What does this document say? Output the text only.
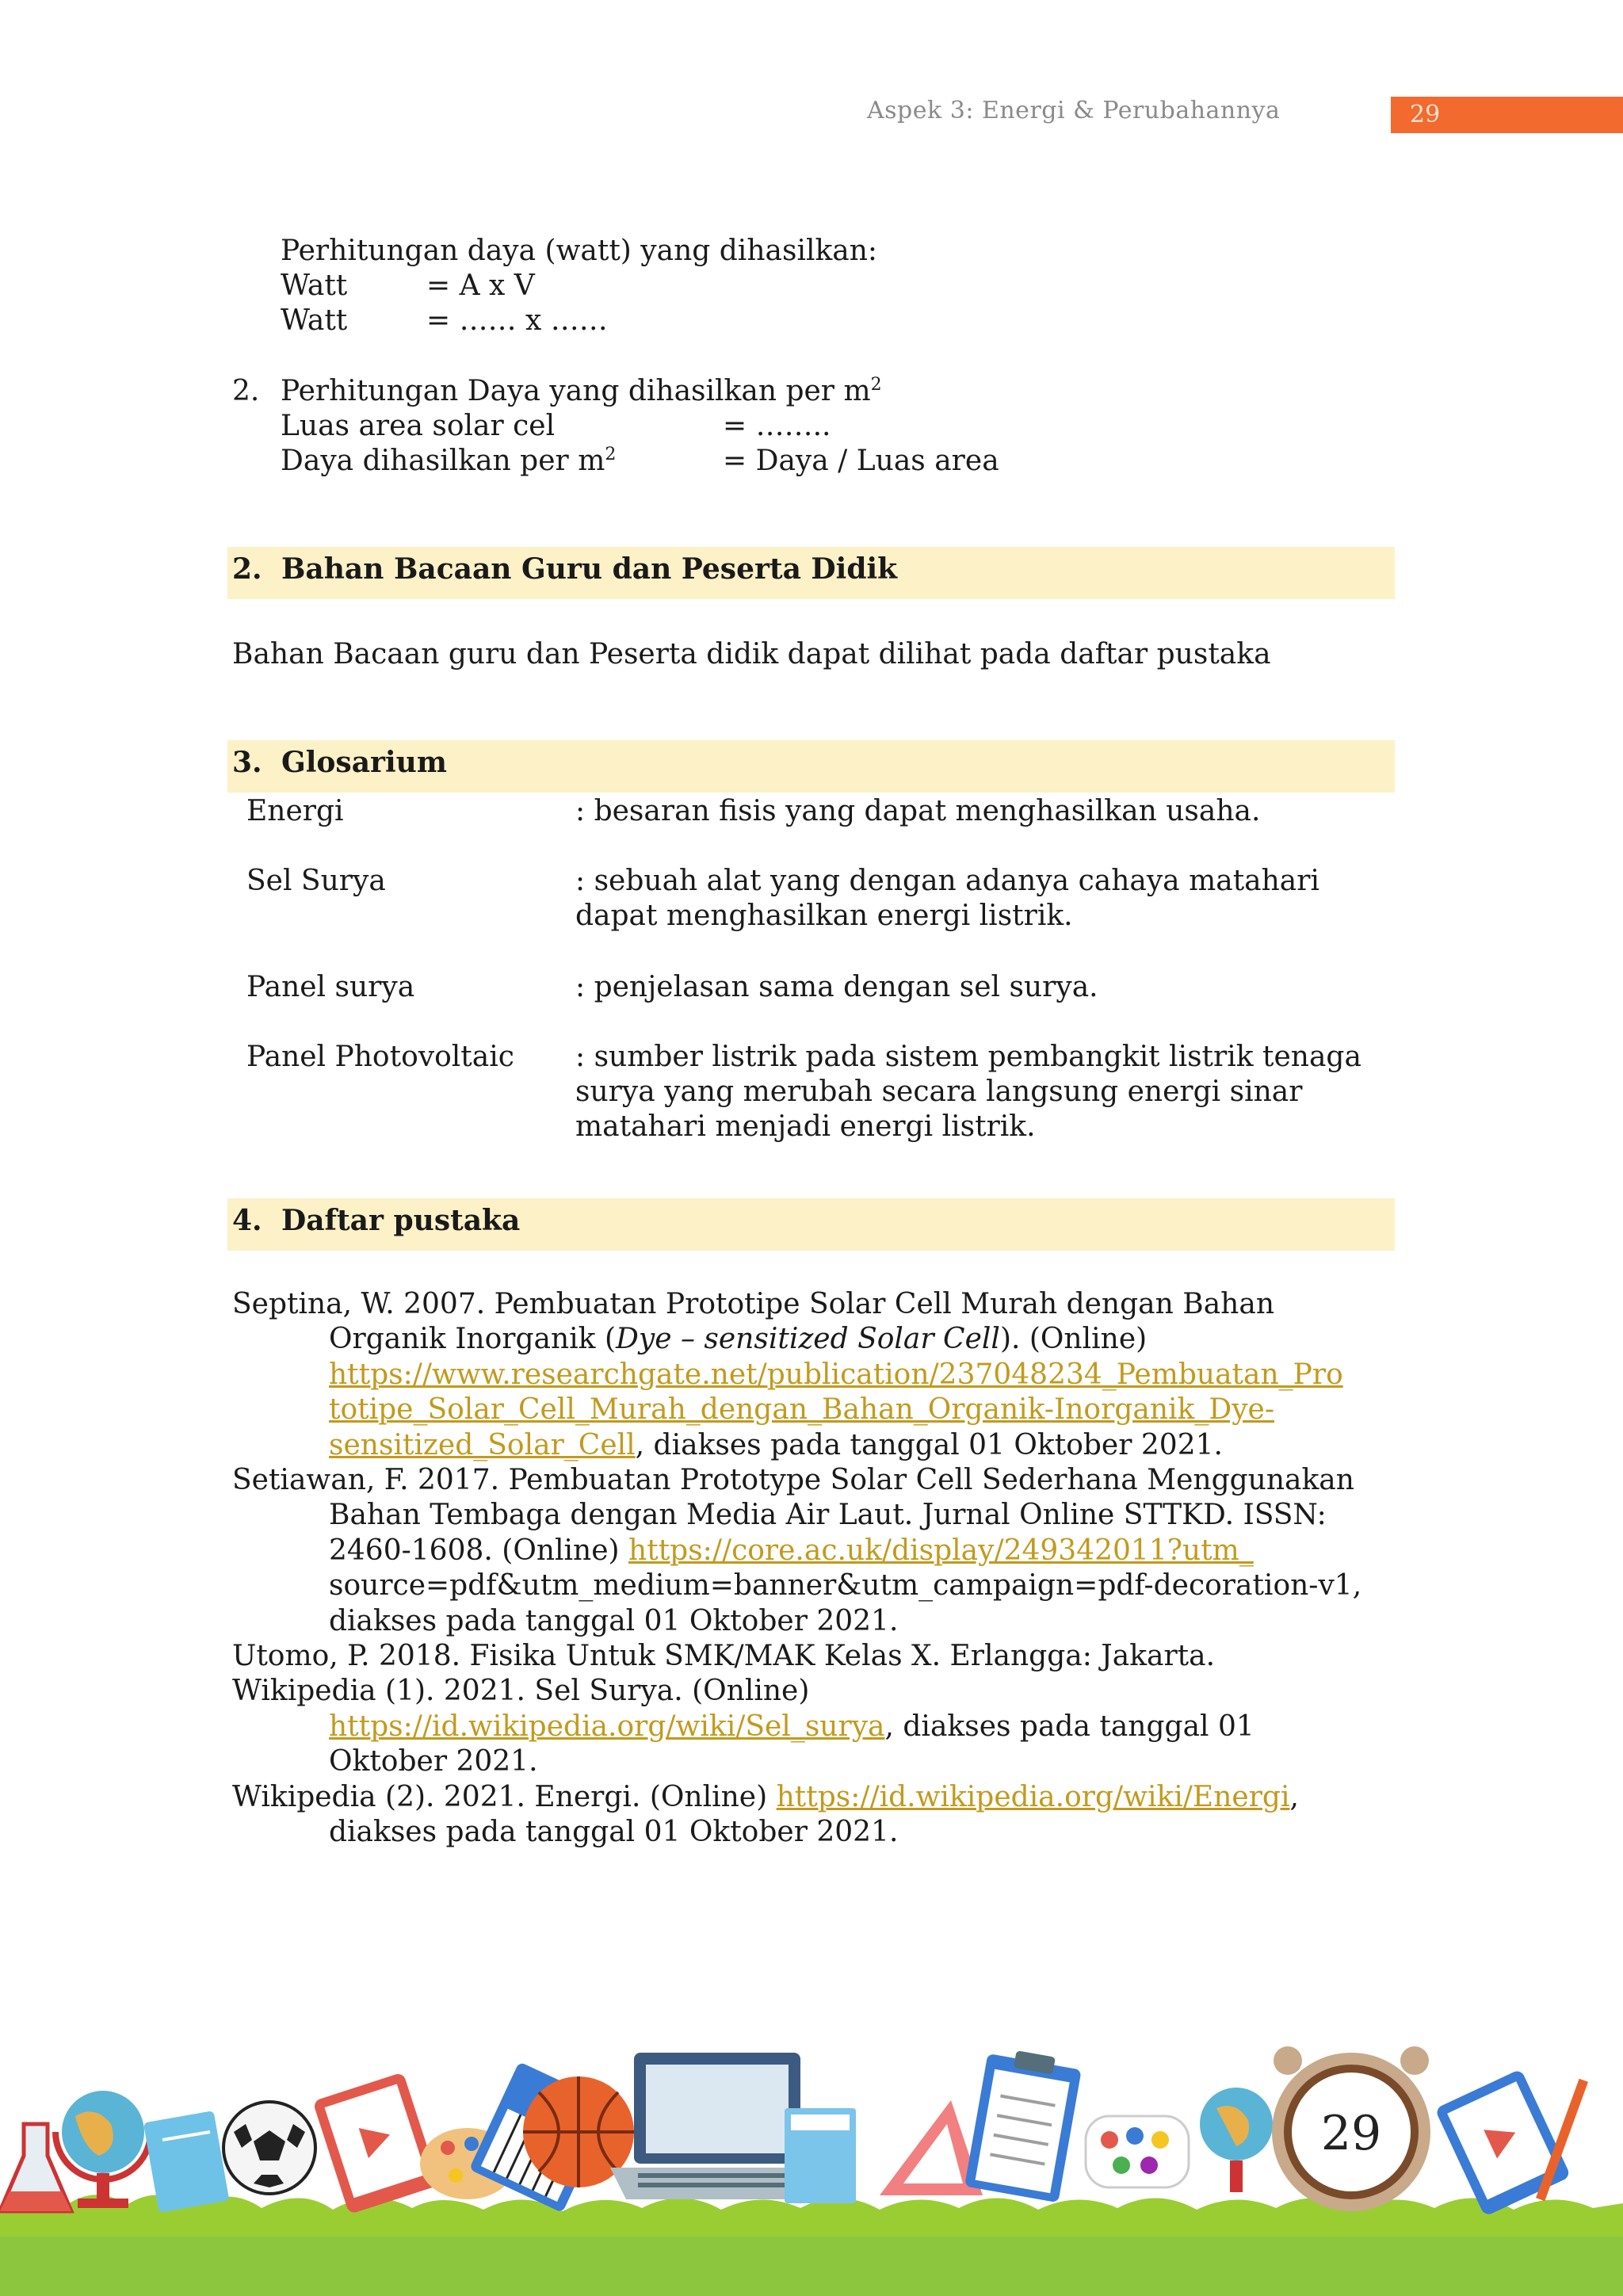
Aspek 3: Energi & Perubahannya	29
Perhitungan daya (watt) yang dihasilkan:
Watt	= A x V
Watt	= …… x ……
2. Perhitungan Daya yang dihasilkan per $m^2$
Luas area solar cel	= ……..
Daya dihasilkan per $m^2$	= Daya / Luas area
2. Bahan Bacaan Guru dan Peserta Didik
Bahan Bacaan guru dan Peserta didik dapat dilihat pada daftar pustaka
3. Glosarium
Energi	: besaran fisis yang dapat menghasilkan usaha.
Sel Surya	: sebuah alat yang dengan adanya cahaya matahari
dapat menghasilkan energi listrik.
Panel surya	: penjelasan sama dengan sel surya.
Panel Photovoltaic : sumber listrik pada sistem pembangkit listrik tenaga
surya yang merubah secara langsung energi sinar
matahari menjadi energi listrik.
4. Daftar pustaka
Septina, W. 2007. Pembuatan Prototipe Solar Cell Murah dengan Bahan
Organik Inorganik (Dye – sensitized Solar Cell). (Online)
https://www.researchgate.net/publication/237048234_Pembuatan_Pro
totipe_Solar_Cell_Murah_dengan_Bahan_Organik-Inorganik_Dye-
sensitized_Solar_Cell, diakses pada tanggal 01 Oktober 2021.
Setiawan, F. 2017. Pembuatan Prototype Solar Cell Sederhana Menggunakan
Bahan Tembaga dengan Media Air Laut. Jurnal Online STTKD. ISSN:
2460-1608. (Online) https://core.ac.uk/display/249342011?utm_
source=pdf&utm_medium=banner&utm_campaign=pdf-decoration-v1,
diakses pada tanggal 01 Oktober 2021.
Utomo, P. 2018. Fisika Untuk SMK/MAK Kelas X. Erlangga: Jakarta.
Wikipedia (1). 2021. Sel Surya. (Online)
https://id.wikipedia.org/wiki/Sel_surya, diakses pada tanggal 01
Oktober 2021.
Wikipedia (2). 2021. Energi. (Online) https://id.wikipedia.org/wiki/Energi,
diakses pada tanggal 01 Oktober 2021.
29
